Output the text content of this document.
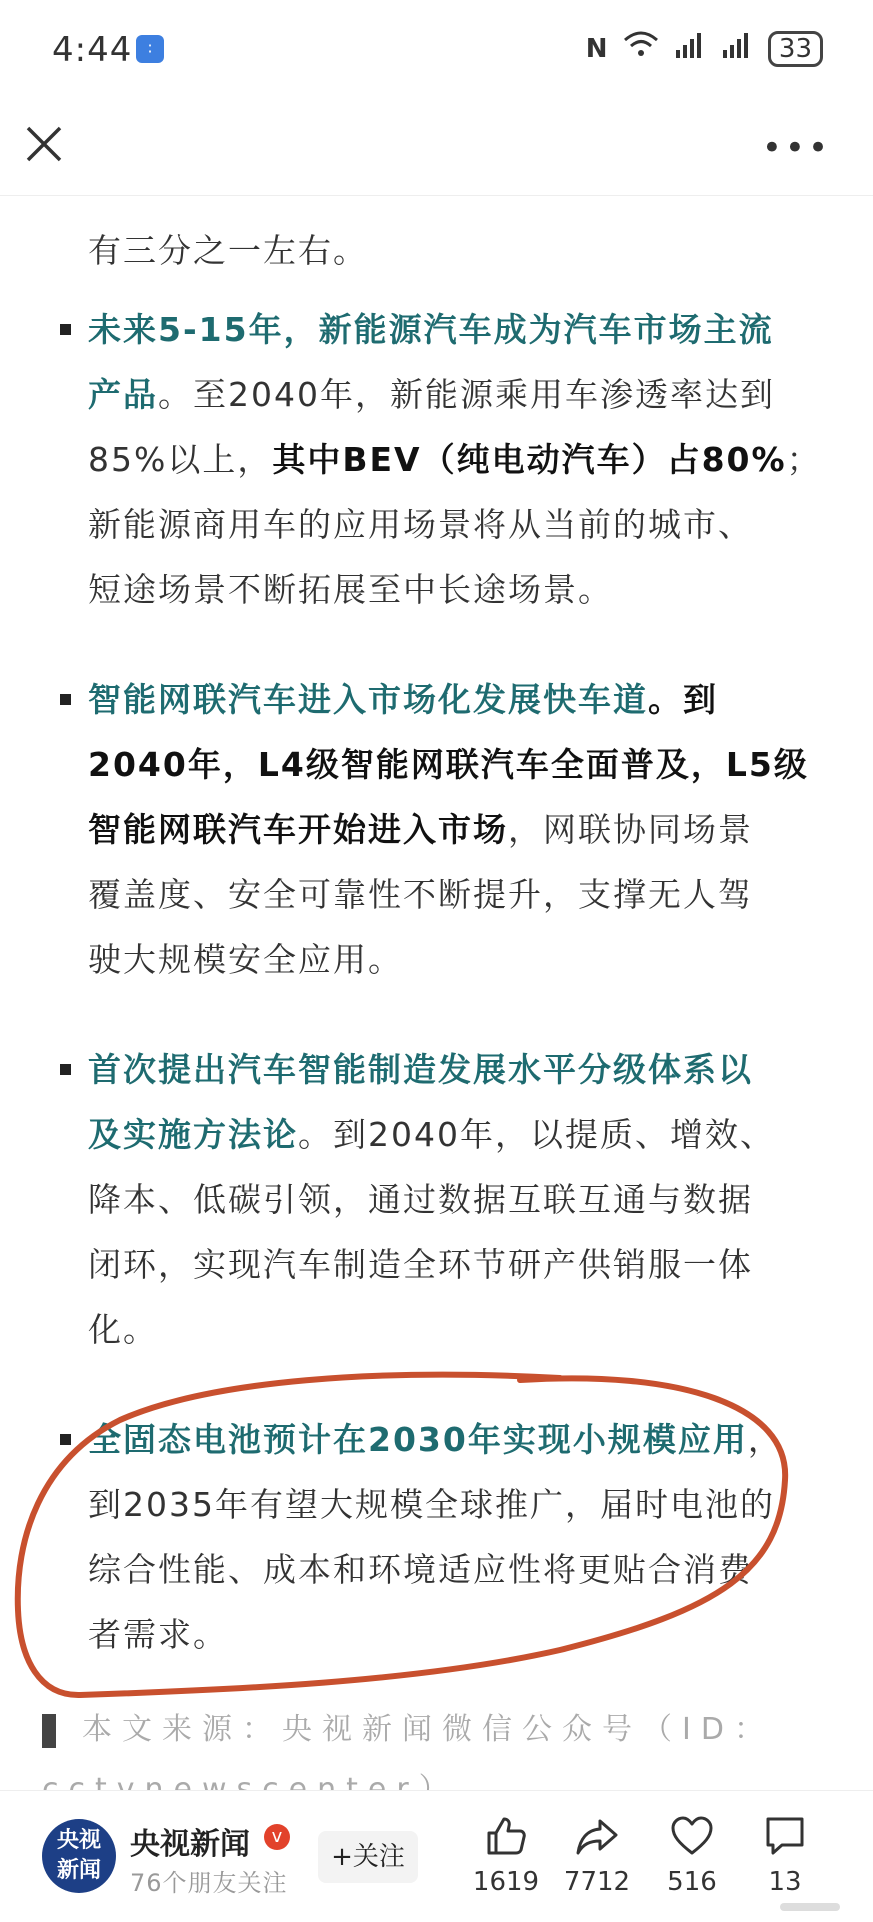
4:44 ∶	N	33
•••
有三分之一左右。
未来5-15年，新能源汽车成为汽车市场主流
产品。至2040年，新能源乘用车渗透率达到
85%以上，其中BEV（纯电动汽车）占80%；
新能源商用车的应用场景将从当前的城市、
短途场景不断拓展至中长途场景。
智能网联汽车进入市场化发展快车道。到
2040年，L4级智能网联汽车全面普及，L5级
智能网联汽车开始进入市场，网联协同场景
覆盖度、安全可靠性不断提升，支撑无人驾
驶大规模安全应用。
首次提出汽车智能制造发展水平分级体系以
及实施方法论。到2040年，以提质、增效、
降本、低碳引领，通过数据互联互通与数据
闭环，实现汽车制造全环节研产供销服一体
化。
全固态电池预计在2030年实现小规模应用，
到2035年有望大规模全球推广，届时电池的
综合性能、成本和环境适应性将更贴合消费
者需求。
本文来源：央视新闻微信公众号（ID：
央视新闻
央视新闻	v
76个朋友关注
+关注
1619 7712	516	13
